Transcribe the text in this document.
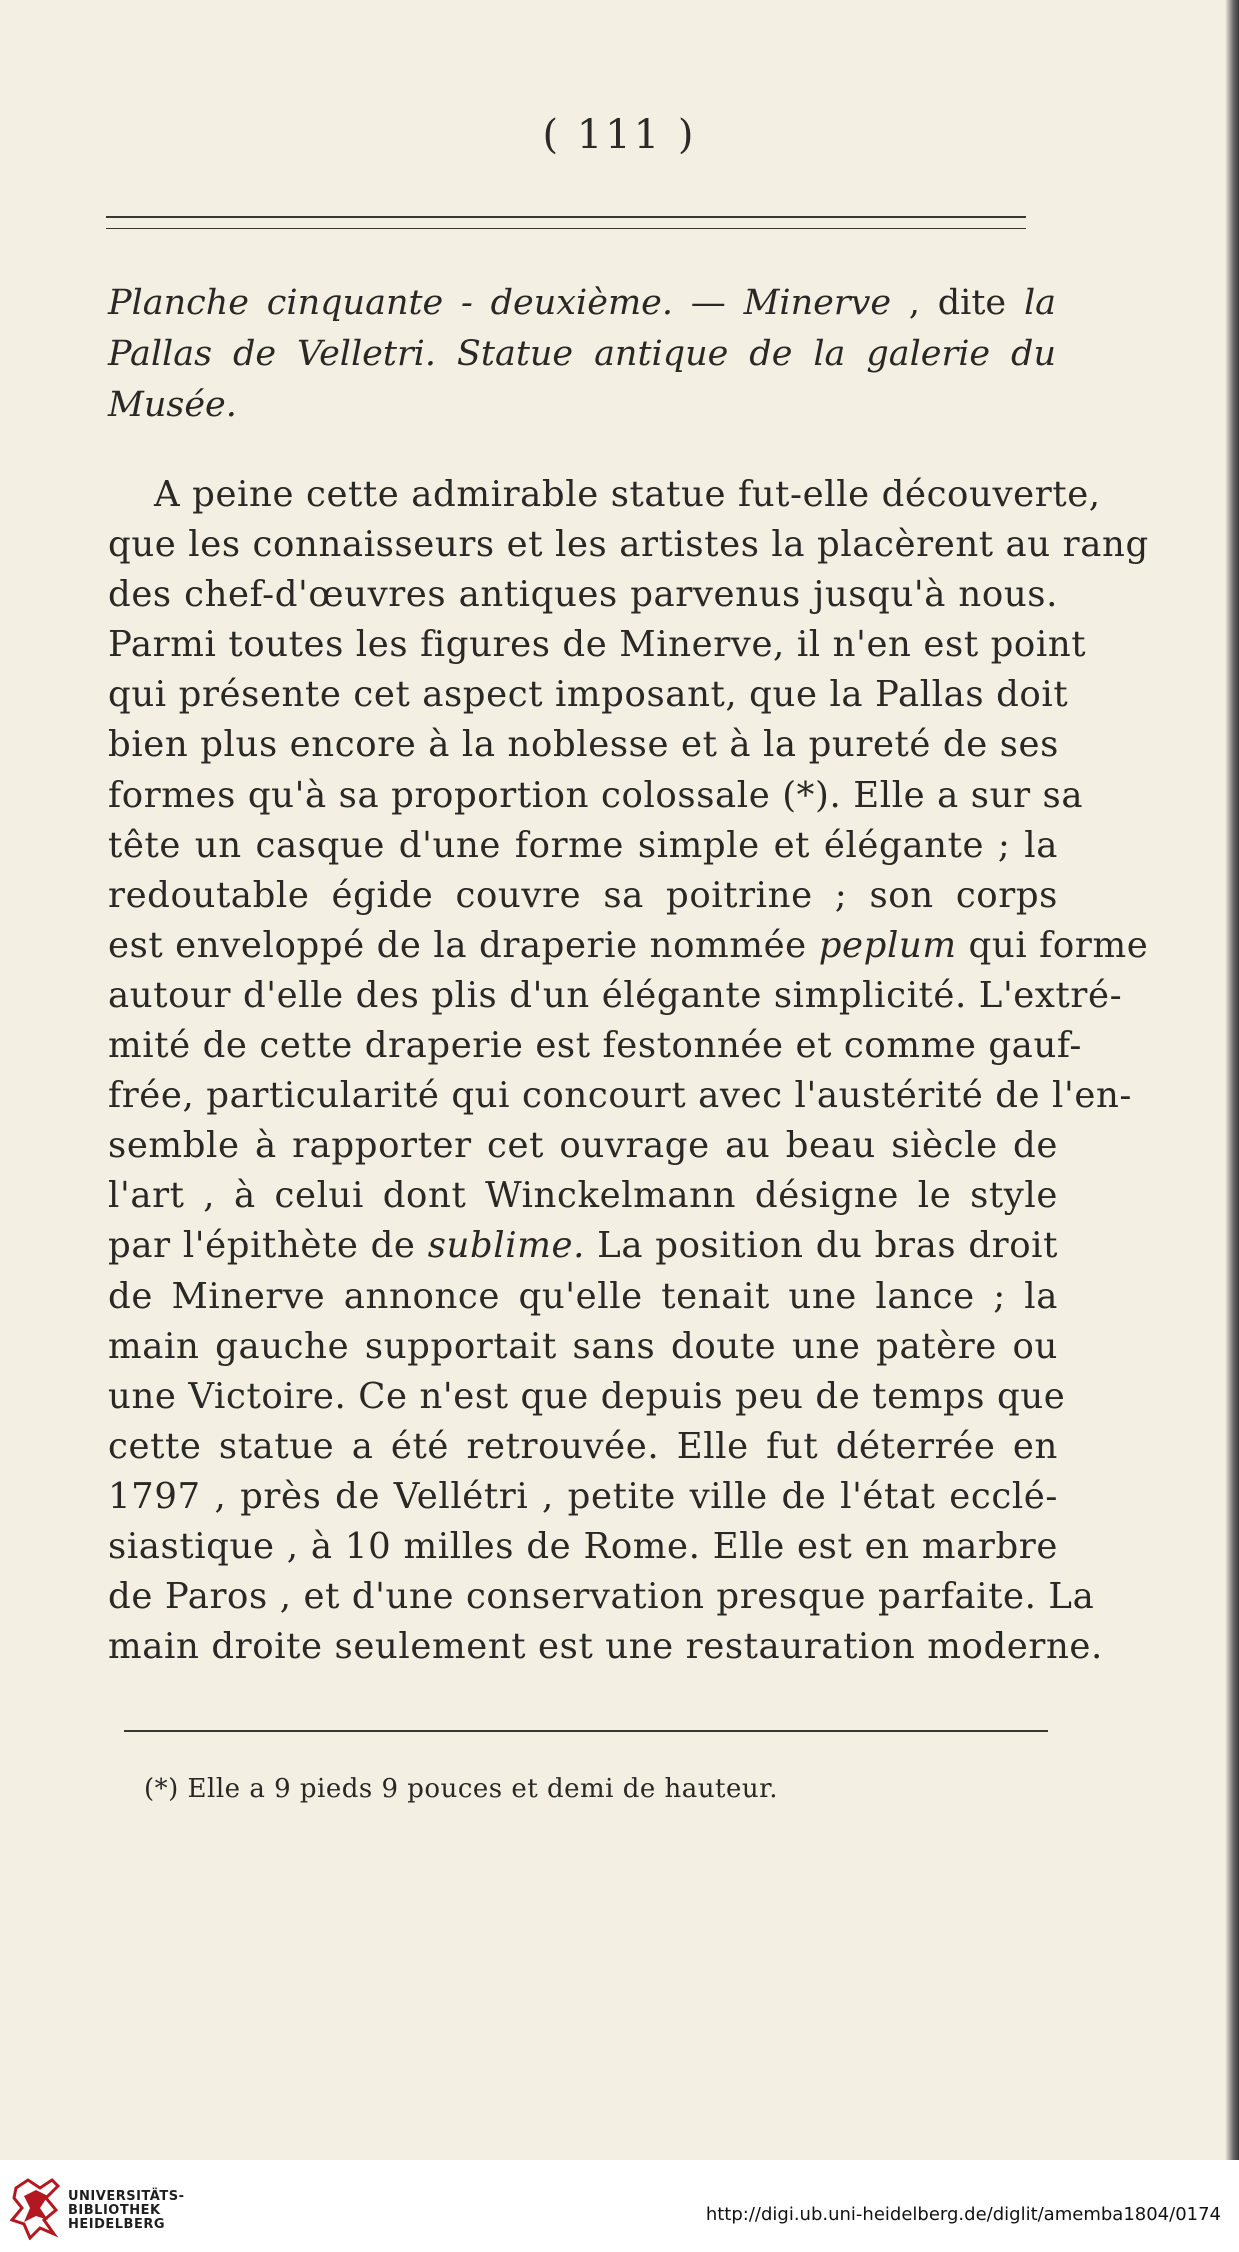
( 111 )
Planche cinquante - deuxième. — Minerve , dite la Pallas de Velletri. Statue antique de la galerie du Musée.
A peine cette admirable statue fut-elle découverte,
que les connaisseurs et les artistes la placèrent au rang
des chef-d'œuvres antiques parvenus jusqu'à nous.
Parmi toutes les figures de Minerve, il n'en est point
qui présente cet aspect imposant, que la Pallas doit
bien plus encore à la noblesse et à la pureté de ses
formes qu'à sa proportion colossale (*). Elle a sur sa
tête un casque d'une forme simple et élégante ; la
redoutable égide couvre sa poitrine ; son corps
est enveloppé de la draperie nommée peplum qui forme
autour d'elle des plis d'un élégante simplicité. L'extré-
mité de cette draperie est festonnée et comme gauf-
frée, particularité qui concourt avec l'austérité de l'en-
semble à rapporter cet ouvrage au beau siècle de
l'art , à celui dont Winckelmann désigne le style
par l'épithète de sublime. La position du bras droit
de Minerve annonce qu'elle tenait une lance ; la
main gauche supportait sans doute une patère ou
une Victoire. Ce n'est que depuis peu de temps que
cette statue a été retrouvée. Elle fut déterrée en
1797 , près de Vellétri , petite ville de l'état ecclé-
siastique , à 10 milles de Rome. Elle est en marbre
de Paros , et d'une conservation presque parfaite. La
main droite seulement est une restauration moderne.
(*) Elle a 9 pieds 9 pouces et demi de hauteur.
UNIVERSITÄTS-
BIBLIOTHEK
HEIDELBERG	http://digi.ub.uni-heidelberg.de/diglit/amemba1804/0174
